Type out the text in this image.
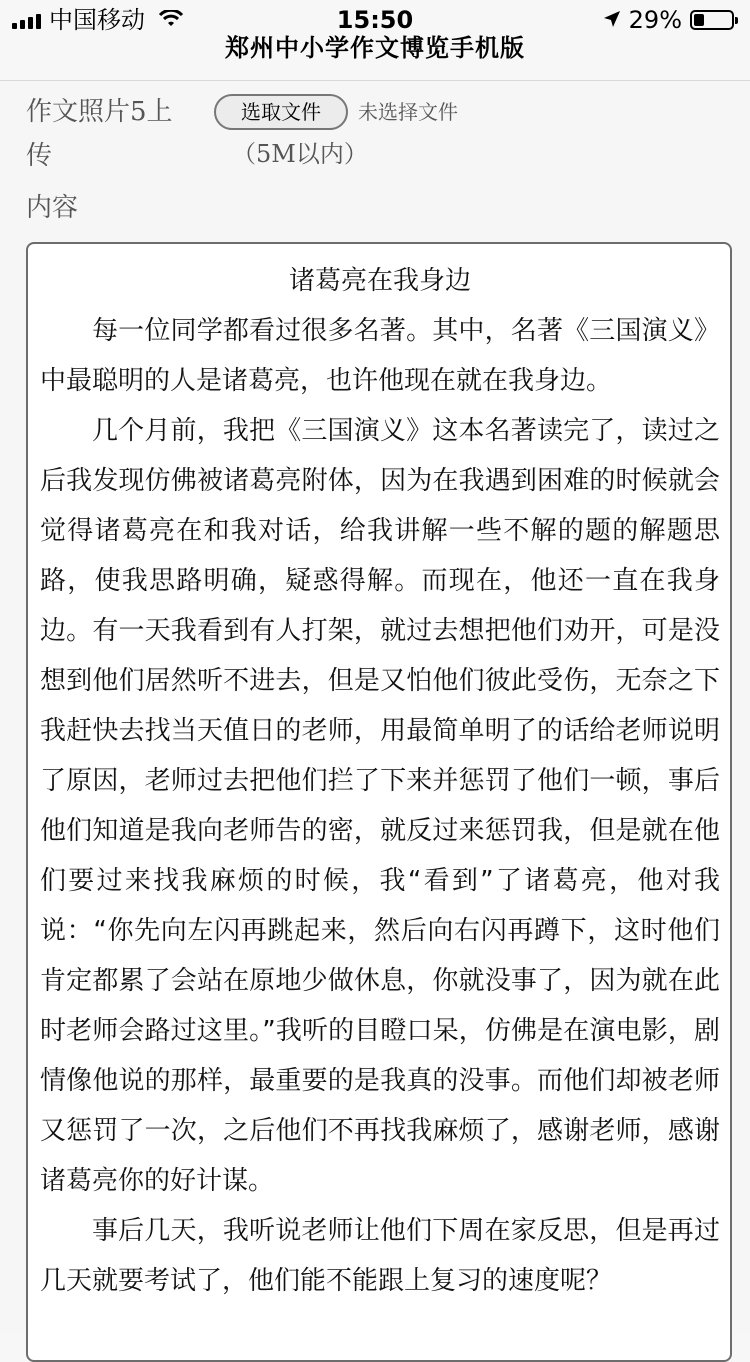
中国移动	15:50	29%
郑州中小学作文博览手机版
作文照片5上传
选取文件	未选择文件
（5M以内）
内容
诸葛亮在我身边

每一位同学都看过很多名著。其中，名著《三国演义》中最聪明的人是诸葛亮，也许他现在就在我身边。

几个月前，我把《三国演义》这本名著读完了，读过之后我发现仿佛被诸葛亮附体，因为在我遇到困难的时候就会觉得诸葛亮在和我对话，给我讲解一些不解的题的解题思路，使我思路明确，疑惑得解。而现在，他还一直在我身边。有一天我看到有人打架，就过去想把他们劝开，可是没想到他们居然听不进去，但是又怕他们彼此受伤，无奈之下我赶快去找当天值日的老师，用最简单明了的话给老师说明了原因，老师过去把他们拦了下来并惩罚了他们一顿，事后他们知道是我向老师告的密，就反过来惩罚我，但是就在他们要过来找我麻烦的时候，我“看到”了诸葛亮，他对我说：“你先向左闪再跳起来，然后向右闪再蹲下，这时他们肯定都累了会站在原地少做休息，你就没事了，因为就在此时老师会路过这里。”我听的目瞪口呆，仿佛是在演电影，剧情像他说的那样，最重要的是我真的没事。而他们却被老师又惩罚了一次，之后他们不再找我麻烦了，感谢老师，感谢诸葛亮你的好计谋。

事后几天，我听说老师让他们下周在家反思，但是再过几天就要考试了，他们能不能跟上复习的速度呢？
